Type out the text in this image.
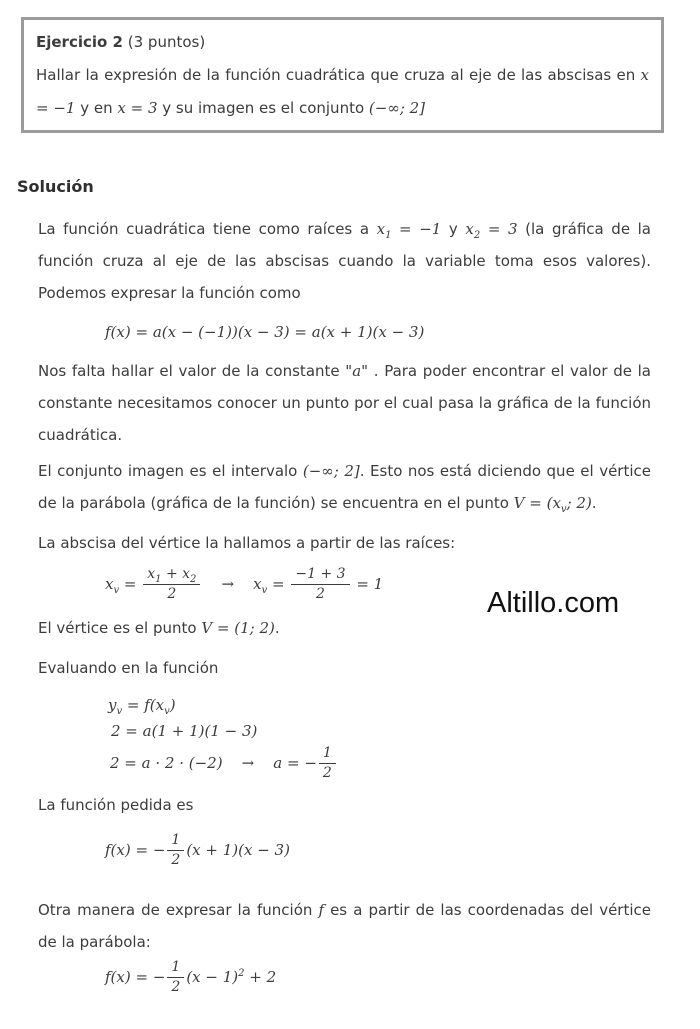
Ejercicio 2 (3 puntos)
Hallar la expresión de la función cuadrática que cruza al eje de las abscisas en x = −1 y en x = 3 y su imagen es el conjunto (−∞; 2]
Solución

La función cuadrática tiene como raíces a $x_1 = -1$ y $x_2 = 3$ (la gráfica de la función cruza al eje de las abscisas cuando la variable toma esos valores). Podemos expresar la función como

f(x) = a(x − (−1))(x − 3) = a(x + 1)(x − 3)

Nos falta hallar el valor de la constante "a" . Para poder encontrar el valor de la constante necesitamos conocer un punto por el cual pasa la gráfica de la función cuadrática.

El conjunto imagen es el intervalo (−∞; 2]. Esto nos está diciendo que el vértice de la parábola (gráfica de la función) se encuentra en el punto $V = (x_v$; 2).

La abscisa del vértice la hallamos a partir de las raíces:

$x_v = \frac{x_1 + x_2}{2}$ →    $x_v = \frac{-1 + 3}{2} = 1$

El vértice es el punto V = (1; 2).

Evaluando en la función

$y_v = f(x_v)$
2 = a(1 + 1)(1 − 3)
2 = a · 2 · (−2)    →    a = − $\frac{1}{2}$

La función pedida es

f(x) = − $\frac{1}{2} (x + 1)(x - 3)$

Otra manera de expresar la función f es a partir de las coordenadas del vértice de la parábola:

f(x) = − $\frac{1}{2} (x - 1)^2 + 2$
Altillo.com
